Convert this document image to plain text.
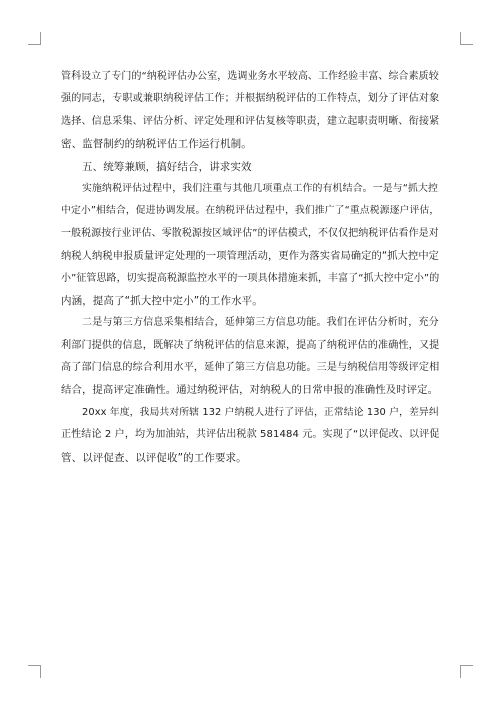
管科设立了专门的“纳税评估办公室，选调业务水平较高、工作经验丰富、综合素质较
强的同志，专职或兼职纳税评估工作；并根据纳税评估的工作特点，划分了评估对象
选择、信息采集、评估分析、评定处理和评估复核等职责，建立起职责明晰、衔接紧
密、监督制约的纳税评估工作运行机制。
五、统筹兼顾，搞好结合，讲求实效
实施纳税评估过程中，我们注重与其他几项重点工作的有机结合。一是与“抓大控
中定小”相结合，促进协调发展。在纳税评估过程中，我们推广了“重点税源逐户评估，
一般税源按行业评估、零散税源按区域评估”的评估模式，不仅仅把纳税评估看作是对
纳税人纳税申报质量评定处理的一项管理活动，更作为落实省局确定的“抓大控中定
小”征管思路，切实提高税源监控水平的一项具体措施来抓，丰富了“抓大控中定小”的
内涵，提高了“抓大控中定小”的工作水平。
二是与第三方信息采集相结合，延伸第三方信息功能。我们在评估分析时，充分
利部门提供的信息，既解决了纳税评估的信息来源，提高了纳税评估的准确性，又提
高了部门信息的综合利用水平，延伸了第三方信息功能。三是与纳税信用等级评定相
结合，提高评定准确性。通过纳税评估，对纳税人的日常申报的准确性及时评定。
20xx 年度，我局共对所辖 132 户纳税人进行了评估，正常结论 130 户，差异纠
正性结论 2 户，均为加油站，共评估出税款 581484 元。实现了“以评促改、以评促
管、以评促查、以评促收”的工作要求。
